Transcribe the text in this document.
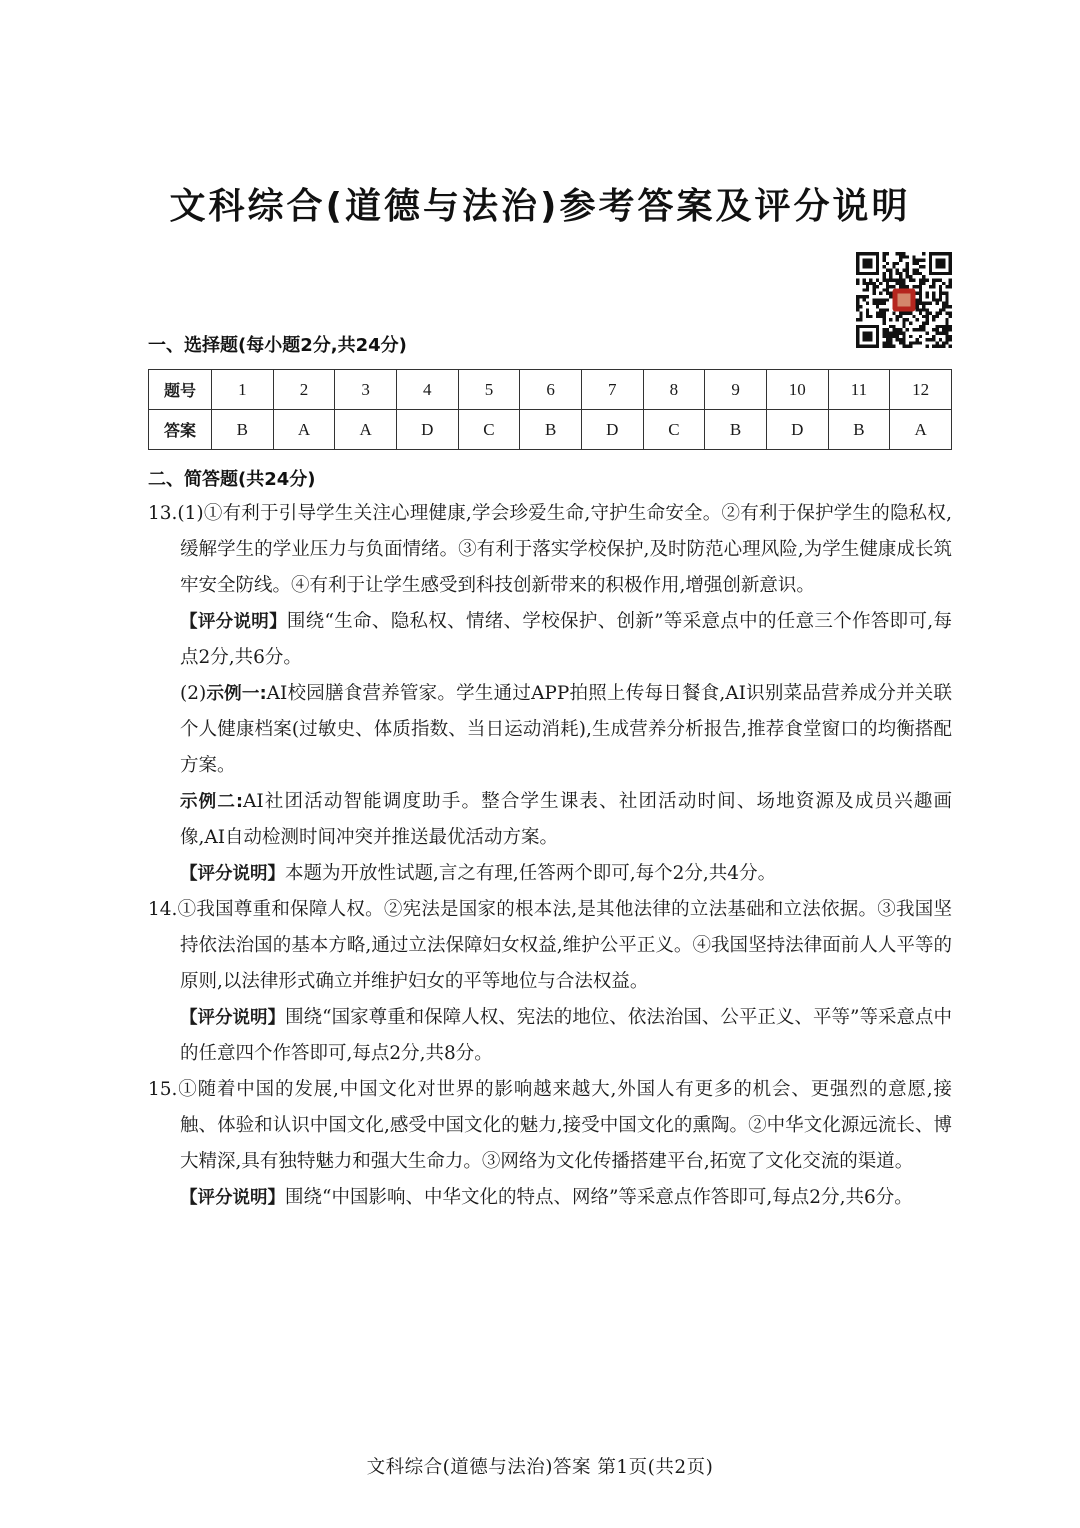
文科综合(道德与法治)参考答案及评分说明
一、选择题(每小题2分,共24分)
题号	1	2	3	4	5	6	7	8	9	10	11	12
答案	B	A	A	D	C	B	D	C	B	D	B	A
二、简答题(共24分)

13.(1)①有利于引导学生关注心理健康,学会珍爱生命,守护生命安全。②有利于保护学生的隐私权,缓解学生的学业压力与负面情绪。③有利于落实学校保护,及时防范心理风险,为学生健康成长筑牢安全防线。④有利于让学生感受到科技创新带来的积极作用,增强创新意识。

【评分说明】围绕“生命、隐私权、情绪、学校保护、创新”等采意点中的任意三个作答即可,每点2分,共6分。

(2)示例一:AI校园膳食营养管家。学生通过APP拍照上传每日餐食,AI识别菜品营养成分并关联个人健康档案(过敏史、体质指数、当日运动消耗),生成营养分析报告,推荐食堂窗口的均衡搭配方案。

示例二:AI社团活动智能调度助手。整合学生课表、社团活动时间、场地资源及成员兴趣画像,AI自动检测时间冲突并推送最优活动方案。

【评分说明】本题为开放性试题,言之有理,任答两个即可,每个2分,共4分。

14.①我国尊重和保障人权。②宪法是国家的根本法,是其他法律的立法基础和立法依据。③我国坚持依法治国的基本方略,通过立法保障妇女权益,维护公平正义。④我国坚持法律面前人人平等的原则,以法律形式确立并维护妇女的平等地位与合法权益。

【评分说明】围绕“国家尊重和保障人权、宪法的地位、依法治国、公平正义、平等”等采意点中的任意四个作答即可,每点2分,共8分。

15.①随着中国的发展,中国文化对世界的影响越来越大,外国人有更多的机会、更强烈的意愿,接触、体验和认识中国文化,感受中国文化的魅力,接受中国文化的熏陶。②中华文化源远流长、博大精深,具有独特魅力和强大生命力。③网络为文化传播搭建平台,拓宽了文化交流的渠道。

【评分说明】围绕“中国影响、中华文化的特点、网络”等采意点作答即可,每点2分,共6分。

文科综合(道德与法治)答案 第1页(共2页)
